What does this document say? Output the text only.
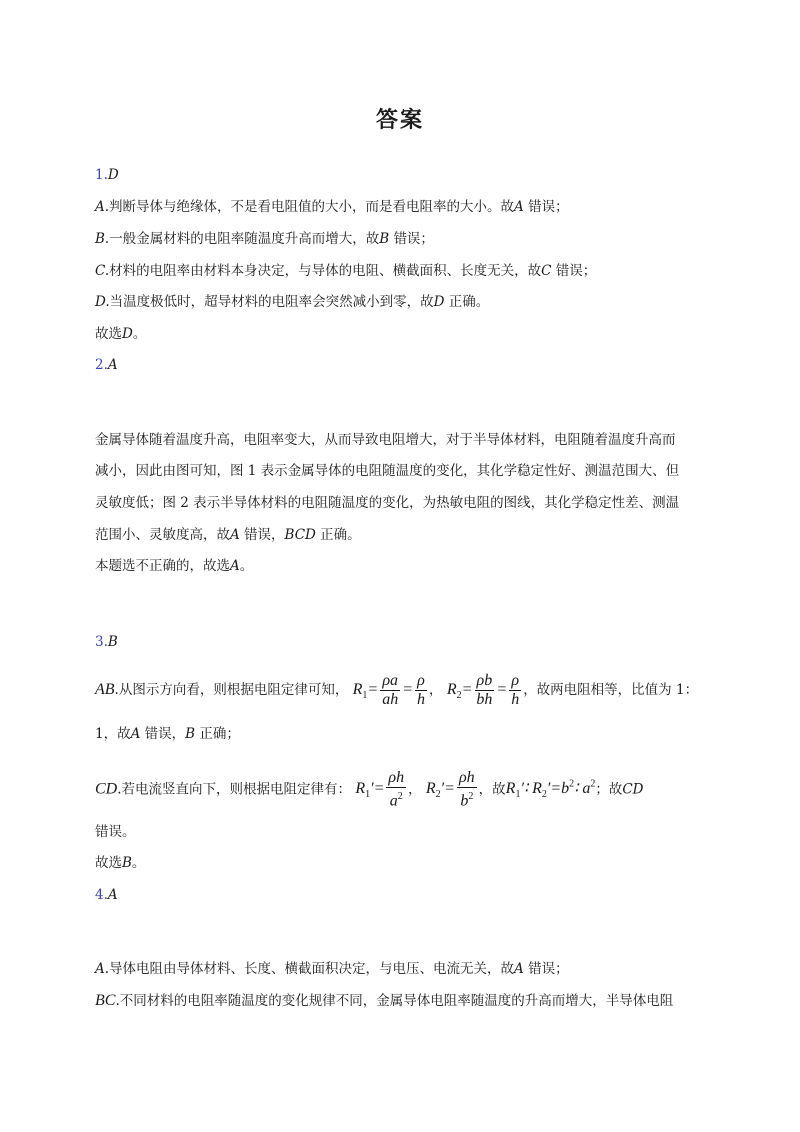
答案
1.D
A.判断导体与绝缘体，不是看电阻值的大小，而是看电阻率的大小。故A 错误；
B.一般金属材料的电阻率随温度升高而增大，故B 错误；
C.材料的电阻率由材料本身决定，与导体的电阻、横截面积、长度无关，故C 错误；
D.当温度极低时，超导材料的电阻率会突然减小到零，故D 正确。
故选D。
2.A
金属导体随着温度升高，电阻率变大，从而导致电阻增大，对于半导体材料，电阻随着温度升高而
减小，因此由图可知，图 1 表示金属导体的电阻随温度的变化，其化学稳定性好、测温范围大、但
灵敏度低；图 2 表示半导体材料的电阻随温度的变化，为热敏电阻的图线，其化学稳定性差、测温
范围小、灵敏度高，故A 错误，BCD 正确。
本题选不正确的，故选A。
3.B
AB.从图示方向看，则根据电阻定律可知， $R_1= \frac{\rho a}{ah} = \frac{\rho}{h}$ ， $R_2= \frac{\rho b}{bh} = \frac{\rho}{h}$ ，故两电阻相等，比值为 1：
1，故A 错误，B 正确；
CD.若电流竖直向下，则根据电阻定律有： $R_1'= \frac{\rho h}{a^2}$ ， $R_2'= \frac{\rho h}{b^2}$ ，故$R_1'∶$ $R_2'=b^2∶$ $a^2$；故CD
错误。
故选B。
4.A
A.导体电阻由导体材料、长度、横截面积决定，与电压、电流无关，故A 错误；
BC.不同材料的电阻率随温度的变化规律不同，金属导体电阻率随温度的升高而增大，半导体电阻
